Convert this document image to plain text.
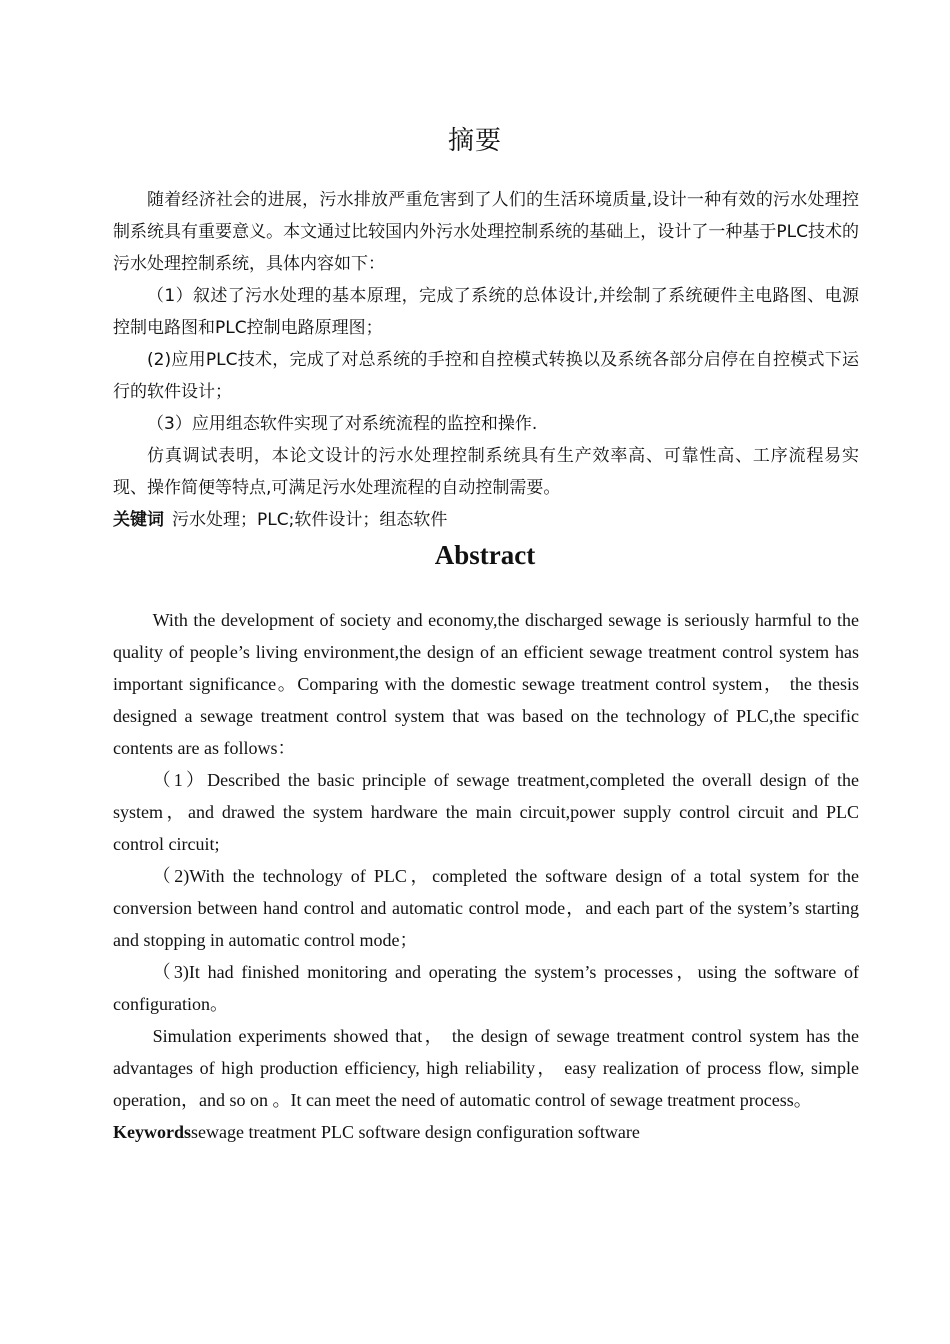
摘要

随着经济社会的进展，污水排放严重危害到了人们的生活环境质量,设计一种有效的污水处理控制系统具有重要意义。本文通过比较国内外污水处理控制系统的基础上，设计了一种基于PLC技术的污水处理控制系统，具体内容如下：

（1）叙述了污水处理的基本原理，完成了系统的总体设计,并绘制了系统硬件主电路图、电源控制电路图和PLC控制电路原理图；

(2)应用PLC技术，完成了对总系统的手控和自控模式转换以及系统各部分启停在自控模式下运行的软件设计；

（3）应用组态软件实现了对系统流程的监控和操作.

仿真调试表明，本论文设计的污水处理控制系统具有生产效率高、可靠性高、工序流程易实现、操作简便等特点,可满足污水处理流程的自动控制需要。

关键词 污水处理；PLC;软件设计；组态软件
Abstract

With the development of society and economy,the discharged sewage is seriously harmful to the quality of people’s living environment,the design of an efficient sewage treatment control system has important significance。Comparing with the domestic sewage treatment control system， the thesis designed a sewage treatment control system that was based on the technology of PLC,the specific contents are as follows：

（1）Described the basic principle of sewage treatment,completed the overall design of the system，and drawed the system hardware the main circuit,power supply control circuit and PLC control circuit;

（2)With the technology of PLC，completed the software design of a total system for the conversion between hand control and automatic control mode，and each part of the system’s starting and stopping in automatic control mode；

（3)It had finished monitoring and operating the system’s processes，using the software of configuration。

Simulation experiments showed that， the design of sewage treatment control system has the advantages of high production efficiency, high reliability， easy realization of process flow, simple operation，and so on 。It can meet the need of automatic control of sewage treatment process。

Keywordssewage treatment PLC software design configuration software
